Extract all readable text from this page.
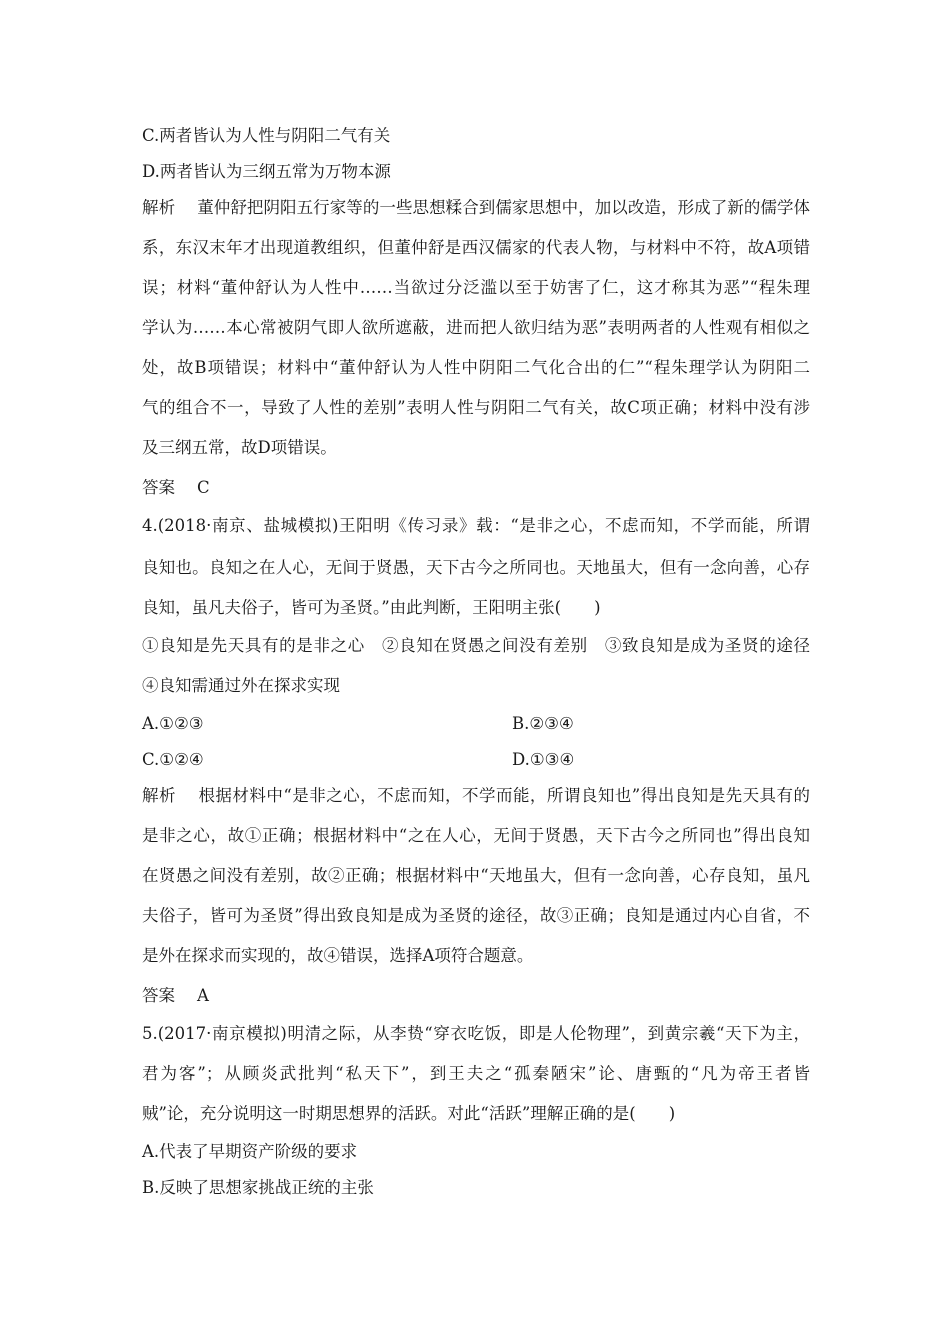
C.两者皆认为人性与阴阳二气有关
D.两者皆认为三纲五常为万物本源
解析 董仲舒把阴阳五行家等的一些思想糅合到儒家思想中，加以改造，形成了新的儒学体
系，东汉末年才出现道教组织，但董仲舒是西汉儒家的代表人物，与材料中不符，故A项错
误；材料“董仲舒认为人性中……当欲过分泛滥以至于妨害了仁，这才称其为恶”“程朱理
学认为……本心常被阴气即人欲所遮蔽，进而把人欲归结为恶”表明两者的人性观有相似之
处，故B项错误；材料中“董仲舒认为人性中阴阳二气化合出的仁”“程朱理学认为阴阳二
气的组合不一，导致了人性的差别”表明人性与阴阳二气有关，故C项正确；材料中没有涉
及三纲五常，故D项错误。
答案 C
4.(2018·南京、盐城模拟)王阳明《传习录》载：“是非之心，不虑而知，不学而能，所谓
良知也。良知之在人心，无间于贤愚，天下古今之所同也。天地虽大，但有一念向善，心存
良知，虽凡夫俗子，皆可为圣贤。”由此判断，王阳明主张(　　)
①良知是先天具有的是非之心　②良知在贤愚之间没有差别　③致良知是成为圣贤的途径
④良知需通过外在探求实现
A.①②③	B.②③④
C.①②④	D.①③④
解析 根据材料中“是非之心，不虑而知，不学而能，所谓良知也”得出良知是先天具有的
是非之心，故①正确；根据材料中“之在人心，无间于贤愚，天下古今之所同也”得出良知
在贤愚之间没有差别，故②正确；根据材料中“天地虽大，但有一念向善，心存良知，虽凡
夫俗子，皆可为圣贤”得出致良知是成为圣贤的途径，故③正确；良知是通过内心自省，不
是外在探求而实现的，故④错误，选择A项符合题意。
答案 A
5.(2017·南京模拟)明清之际，从李贽“穿衣吃饭，即是人伦物理”，到黄宗羲“天下为主，
君为客”；从顾炎武批判“私天下”，到王夫之“孤秦陋宋”论、唐甄的“凡为帝王者皆
贼”论，充分说明这一时期思想界的活跃。对此“活跃”理解正确的是(　　)
A.代表了早期资产阶级的要求
B.反映了思想家挑战正统的主张
